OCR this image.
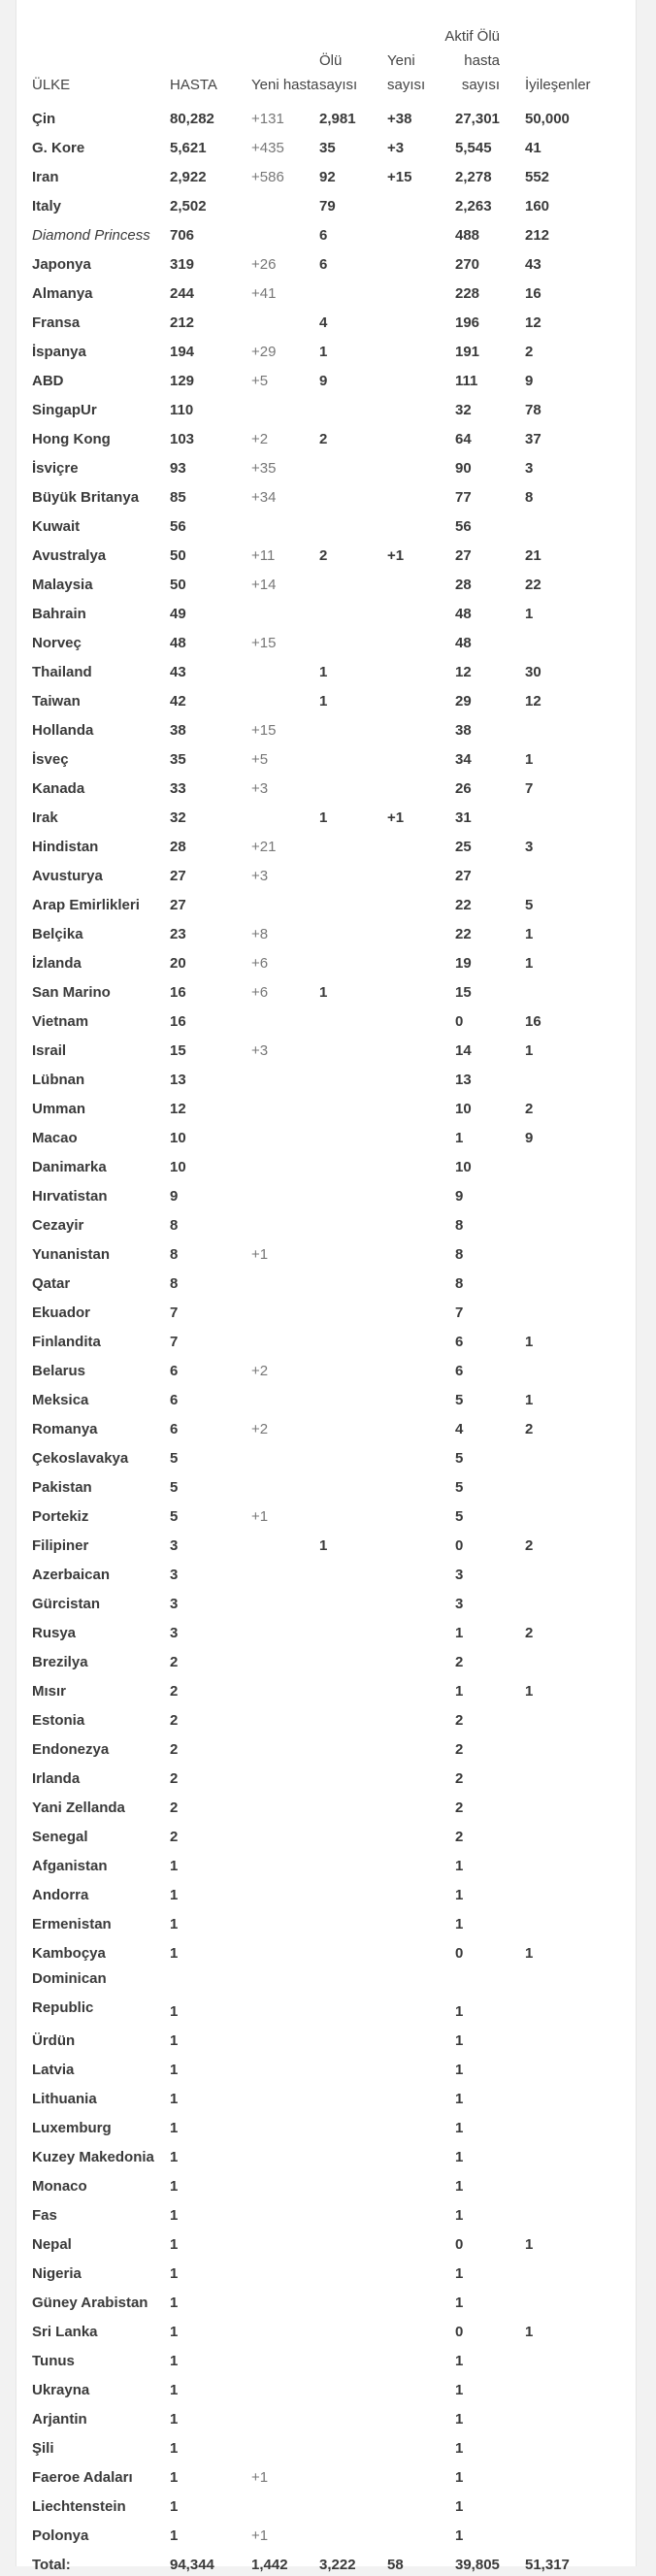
ÜLKE	HASTA	Yeni hasta	Ölü sayısı	Yeni sayısı	Aktif Ölü hasta sayısı	İyileşenler
Çin	80,282	+131	2,981	+38	27,301	50,000
G. Kore	5,621	+435	35	+3	5,545	41
Iran	2,922	+586	92	+15	2,278	552
Italy	2,502		79		2,263	160
Diamond Princess	706		6		488	212
Japonya	319	+26	6		270	43
Almanya	244	+41			228	16
Fransa	212		4		196	12
İspanya	194	+29	1		191	2
ABD	129	+5	9		111	9
SingapUr	110				32	78
Hong Kong	103	+2	2		64	37
İsviçre	93	+35			90	3
Büyük Britanya	85	+34			77	8
Kuwait	56				56	
Avustralya	50	+11	2	+1	27	21
Malaysia	50	+14			28	22
Bahrain	49				48	1
Norveç	48	+15			48	
Thailand	43		1		12	30
Taiwan	42		1		29	12
Hollanda	38	+15			38	
İsveç	35	+5			34	1
Kanada	33	+3			26	7
Irak	32		1	+1	31	
Hindistan	28	+21			25	3
Avusturya	27	+3			27	
Arap Emirlikleri	27				22	5
Belçika	23	+8			22	1
İzlanda	20	+6			19	1
San Marino	16	+6	1		15	
Vietnam	16				0	16
Israil	15	+3			14	1
Lübnan	13				13	
Umman	12				10	2
Macao	10				1	9
Danimarka	10				10	
Hırvatistan	9				9	
Cezayir	8				8	
Yunanistan	8	+1			8	
Qatar	8				8	
Ekuador	7				7	
Finlandita	7				6	1
Belarus	6	+2			6	
Meksica	6				5	1
Romanya	6	+2			4	2
Çekoslavakya	5				5	
Pakistan	5				5	
Portekiz	5	+1			5	
Filipiner	3		1		0	2
Azerbaican	3				3	
Gürcistan	3				3	
Rusya	3				1	2
Brezilya	2				2	
Mısır	2				1	1
Estonia	2				2	
Endonezya	2				2	
Irlanda	2				2	
Yani Zellanda	2				2	
Senegal	2				2	
Afganistan	1				1	
Andorra	1				1	
Ermenistan	1				1	
Kamboçya	1				0	1
Dominican Republic	1				1	
Ürdün	1				1	
Latvia	1				1	
Lithuania	1				1	
Luxemburg	1				1	
Kuzey Makedonia	1				1	
Monaco	1				1	
Fas	1				1	
Nepal	1				0	1
Nigeria	1				1	
Güney Arabistan	1				1	
Sri Lanka	1				0	1
Tunus	1				1	
Ukrayna	1				1	
Arjantin	1				1	
Şili	1				1	
Faeroe Adaları	1	+1			1	
Liechtenstein	1				1	
Polonya	1	+1			1	
Total:	94,344	1,442	3,222	58	39,805	51,317
